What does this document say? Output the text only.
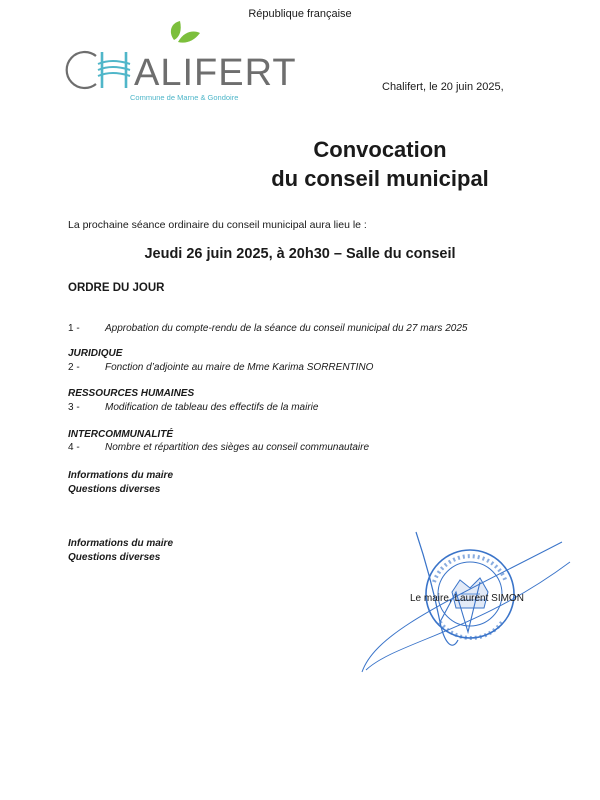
République française
ALIFERT
Commune de Marne & Gondoire
Chalifert, le 20 juin 2025,
Convocation
du conseil municipal
La prochaine séance ordinaire du conseil municipal aura lieu le :
Jeudi 26 juin 2025, à 20h30 – Salle du conseil
ORDRE DU JOUR
1 -	Approbation du compte-rendu de la séance du conseil municipal du 27 mars 2025
JURIDIQUE
2 -	Fonction d’adjointe au maire de Mme Karima SORRENTINO
RESSOURCES HUMAINES
3 -	Modification de tableau des effectifs de la mairie
INTERCOMMUNALITÉ
4 -	Nombre et répartition des sièges au conseil communautaire
Informations du maire
Questions diverses
Informations du maire
Questions diverses
Le maire, Laurent SIMON
